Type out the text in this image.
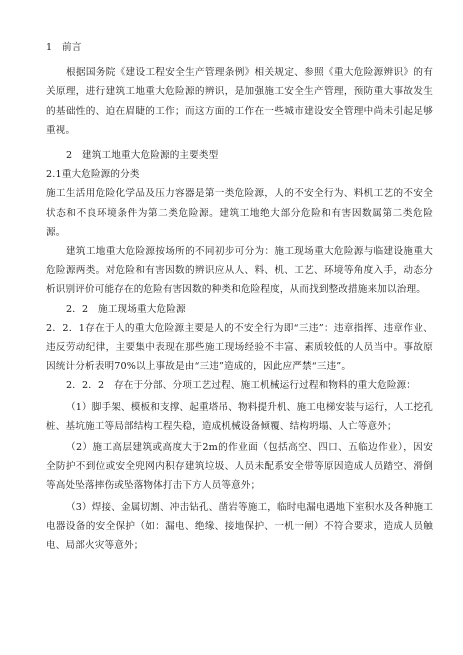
1　前言

根据国务院《建设工程安全生产管理条例》相关规定、参照《重大危险源辨识》的有关原理，进行建筑工地重大危险源的辨识，是加强施工安全生产管理，预防重大事故发生的基础性的、迫在眉睫的工作；而这方面的工作在一些城市建设安全管理中尚未引起足够重视。

2　建筑工地重大危险源的主要类型

2.1重大危险源的分类

施工生活用危险化学品及压力容器是第一类危险源，人的不安全行为、料机工艺的不安全状态和不良环境条件为第二类危险源。建筑工地绝大部分危险和有害因数属第二类危险源。

建筑工地重大危险源按场所的不同初步可分为：施工现场重大危险源与临建设施重大危险源两类。对危险和有害因数的辨识应从人、料、机、工艺、环境等角度入手，动态分析识别评价可能存在的危险有害因数的种类和危险程度，从而找到整改措施来加以治理。

2．2　施工现场重大危险源

2．2．1存在于人的重大危险源主要是人的不安全行为即“三违”：违章指挥、违章作业、违反劳动纪律，主要集中表现在那些施工现场经验不丰富、素质较低的人员当中。事故原因统计分析表明70%以上事故是由“三违”造成的，因此应严禁“三违”。

2．2．2　存在于分部、分项工艺过程、施工机械运行过程和物料的重大危险源：

（1）脚手架、模板和支撑、起重塔吊、物料提升机、施工电梯安装与运行，人工挖孔桩、基坑施工等局部结构工程失稳，造成机械设备倾覆、结构坍塌、人亡等意外；

（2）施工高层建筑或高度大于2m的作业面（包括高空、四口、五临边作业），因安全防护不到位或安全兜网内积存建筑垃圾、人员未配系安全带等原因造成人员踏空、滑倒等高处坠落摔伤或坠落物体打击下方人员等意外；

（3）焊接、金属切割、冲击钻孔、凿岩等施工，临时电漏电遇地下室积水及各种施工电器设备的安全保护（如：漏电、绝缘、接地保护、一机一闸）不符合要求，造成人员触电、局部火灾等意外；
